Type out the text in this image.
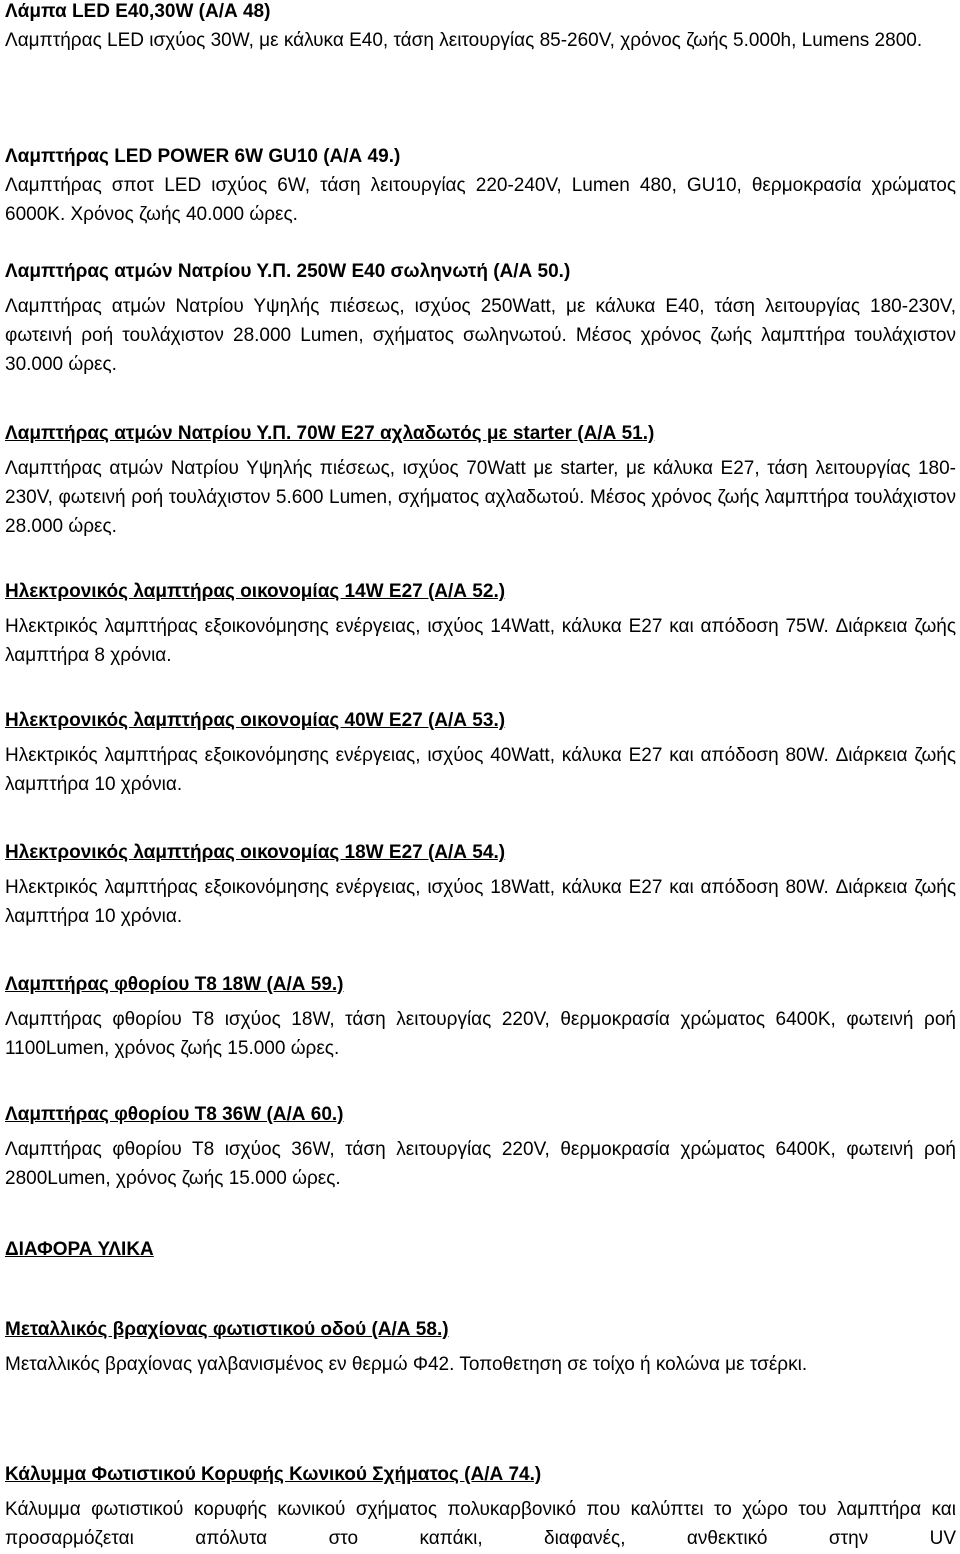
Λάμπα LED E40,30W (Α/Α 48)

Λαμπτήρας LED ισχύος 30W, με κάλυκα Ε40, τάση λειτουργίας 85-260V, χρόνος ζωής 5.000h, Lumens 2800.

Λαμπτήρας LED POWER 6W GU10 (Α/Α 49.)

Λαμπτήρας σποτ LED ισχύος 6W, τάση λειτουργίας 220-240V, Lumen 480, GU10, θερμοκρασία χρώματος 6000K. Χρόνος ζωής 40.000 ώρες.

Λαμπτήρας ατμών Νατρίου Υ.Π. 250W Ε40 σωληνωτή (Α/Α 50.)

Λαμπτήρας ατμών Νατρίου Υψηλής πιέσεως, ισχύος 250Watt, με κάλυκα Ε40, τάση λειτουργίας 180-230V, φωτεινή ροή τουλάχιστον 28.000 Lumen, σχήματος σωληνωτού. Μέσος χρόνος ζωής λαμπτήρα τουλάχιστον 30.000 ώρες.

Λαμπτήρας ατμών Νατρίου Υ.Π. 70W Ε27 αχλαδωτός με starter (Α/Α 51.)

Λαμπτήρας ατμών Νατρίου Υψηλής πιέσεως, ισχύος 70Watt με starter, με κάλυκα Ε27, τάση λειτουργίας 180-230V, φωτεινή ροή τουλάχιστον 5.600 Lumen, σχήματος αχλαδωτού. Μέσος χρόνος ζωής λαμπτήρα τουλάχιστον 28.000 ώρες.

Ηλεκτρονικός λαμπτήρας οικονομίας 14W E27 (Α/Α 52.)

Ηλεκτρικός λαμπτήρας εξοικονόμησης ενέργειας, ισχύος 14Watt, κάλυκα Ε27 και απόδοση 75W. Διάρκεια ζωής λαμπτήρα 8 χρόνια.

Ηλεκτρονικός λαμπτήρας οικονομίας 40W E27 (Α/Α 53.)

Ηλεκτρικός λαμπτήρας εξοικονόμησης ενέργειας, ισχύος 40Watt, κάλυκα Ε27 και απόδοση 80W. Διάρκεια ζωής λαμπτήρα 10 χρόνια.

Ηλεκτρονικός λαμπτήρας οικονομίας 18W E27 (Α/Α 54.)

Ηλεκτρικός λαμπτήρας εξοικονόμησης ενέργειας, ισχύος 18Watt, κάλυκα Ε27 και απόδοση 80W. Διάρκεια ζωής λαμπτήρα 10 χρόνια.

Λαμπτήρας φθορίου Τ8 18W (Α/Α 59.)

Λαμπτήρας φθορίου Τ8 ισχύος 18W, τάση λειτουργίας 220V, θερμοκρασία χρώματος 6400K, φωτεινή ροή 1100Lumen, χρόνος ζωής 15.000 ώρες.

Λαμπτήρας φθορίου Τ8 36W (Α/Α 60.)

Λαμπτήρας φθορίου Τ8 ισχύος 36W, τάση λειτουργίας 220V, θερμοκρασία χρώματος 6400K, φωτεινή ροή 2800Lumen, χρόνος ζωής 15.000 ώρες.

ΔΙΑΦΟΡΑ ΥΛΙΚΑ

Μεταλλικός βραχίονας φωτιστικού οδού (Α/Α 58.)

Μεταλλικός βραχίονας γαλβανισμένος εν θερμώ Φ42. Τοποθετηση σε τοίχο ή κολώνα με τσέρκι.

Κάλυμμα Φωτιστικού Κορυφής Κωνικού Σχήματος (Α/Α 74.)

Κάλυμμα φωτιστικού κορυφής κωνικού σχήματος πολυκαρβονικό που καλύπτει το χώρο του λαμπτήρα και προσαρμόζεται απόλυτα στο καπάκι, διαφανές, ανθεκτικό στην UV
